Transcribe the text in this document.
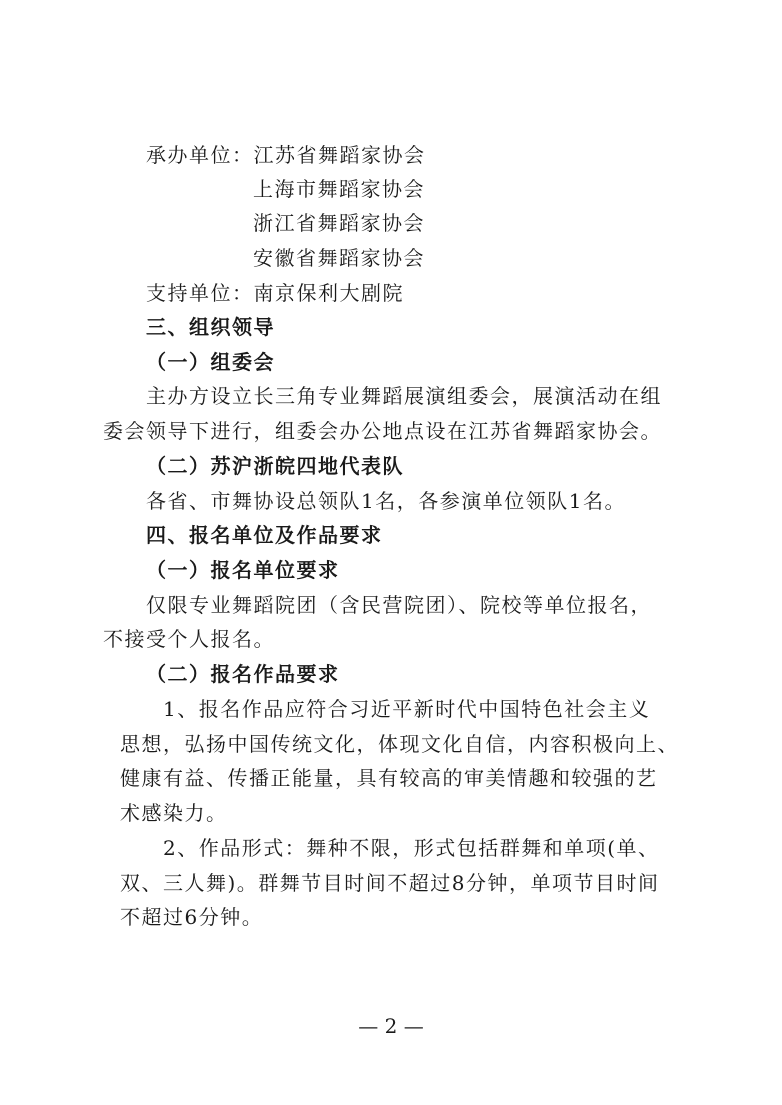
承办单位：江苏省舞蹈家协会
上海市舞蹈家协会
浙江省舞蹈家协会
安徽省舞蹈家协会
支持单位：南京保利大剧院
三、组织领导
（一）组委会
主办方设立长三角专业舞蹈展演组委会，展演活动在组
委会领导下进行，组委会办公地点设在江苏省舞蹈家协会。
（二）苏沪浙皖四地代表队
各省、市舞协设总领队1名，各参演单位领队1名。
四、报名单位及作品要求
（一）报名单位要求
仅限专业舞蹈院团（含民营院团）、院校等单位报名，
不接受个人报名。
（二）报名作品要求
1、报名作品应符合习近平新时代中国特色社会主义
思想，弘扬中国传统文化，体现文化自信，内容积极向上、
健康有益、传播正能量，具有较高的审美情趣和较强的艺
术感染力。
2、作品形式：舞种不限，形式包括群舞和单项(单、
双、三人舞)。群舞节目时间不超过8分钟，单项节目时间
不超过6分钟。
— 2 —
